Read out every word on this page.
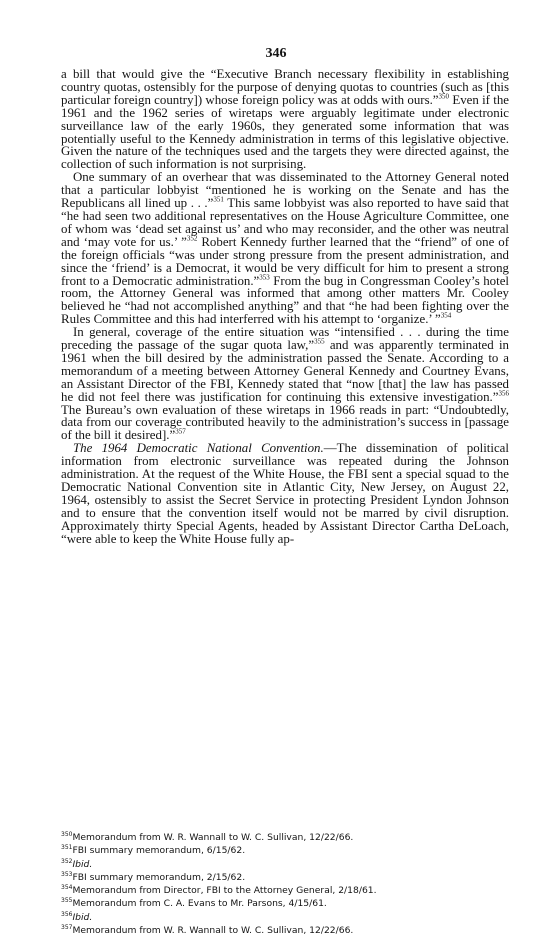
346

a bill that would give the “Executive Branch necessary flexibility in establishing country quotas, ostensibly for the purpose of denying quotas to countries (such as [this particular foreign country]) whose foreign policy was at odds with ours.”$^{350}$ Even if the 1961 and the 1962 series of wiretaps were arguably legitimate under electronic surveillance law of the early 1960s, they generated some information that was potentially useful to the Kennedy administration in terms of this legislative objective. Given the nature of the techniques used and the targets they were directed against, the collection of such information is not surprising.

One summary of an overhear that was disseminated to the Attorney General noted that a particular lobbyist “mentioned he is working on the Senate and has the Republicans all lined up . . .”$^{351}$ This same lobbyist was also reported to have said that “he had seen two additional representatives on the House Agriculture Committee, one of whom was ‘dead set against us’ and who may reconsider, and the other was neutral and ‘may vote for us.’ ”$^{352}$ Robert Kennedy further learned that the “friend” of one of the foreign officials “was under strong pressure from the present administration, and since the ‘friend’ is a Democrat, it would be very difficult for him to present a strong front to a Democratic administration.”$^{353}$ From the bug in Congressman Cooley’s hotel room, the Attorney General was informed that among other matters Mr. Cooley believed he “had not accomplished anything” and that “he had been fighting over the Rules Committee and this had interferred with his attempt to ‘organize.’ ”$^{354}$

In general, coverage of the entire situation was “intensified . . . during the time preceding the passage of the sugar quota law,”$^{355}$ and was apparently terminated in 1961 when the bill desired by the administration passed the Senate. According to a memorandum of a meeting between Attorney General Kennedy and Courtney Evans, an Assistant Director of the FBI, Kennedy stated that “now [that] the law has passed he did not feel there was justification for continuing this extensive investigation.”$^{356}$ The Bureau’s own evaluation of these wiretaps in 1966 reads in part: “Undoubtedly, data from our coverage contributed heavily to the administration’s success in [passage of the bill it desired].”$^{357}$

The 1964 Democratic National Convention.—The dissemination of political information from electronic surveillance was repeated during the Johnson administration. At the request of the White House, the FBI sent a special squad to the Democratic National Convention site in Atlantic City, New Jersey, on August 22, 1964, ostensibly to assist the Secret Service in protecting President Lyndon Johnson and to ensure that the convention itself would not be marred by civil disruption. Approximately thirty Special Agents, headed by Assistant Director Cartha DeLoach, “were able to keep the White House fully ap-

350Memorandum from W. R. Wannall to W. C. Sullivan, 12/22/66.
351FBI summary memorandum, 6/15/62.
352Ibid.
353FBI summary memorandum, 2/15/62.
354Memorandum from Director, FBI to the Attorney General, 2/18/61.
355Memorandum from C. A. Evans to Mr. Parsons, 4/15/61.
356Ibid.
357Memorandum from W. R. Wannall to W. C. Sullivan, 12/22/66.
